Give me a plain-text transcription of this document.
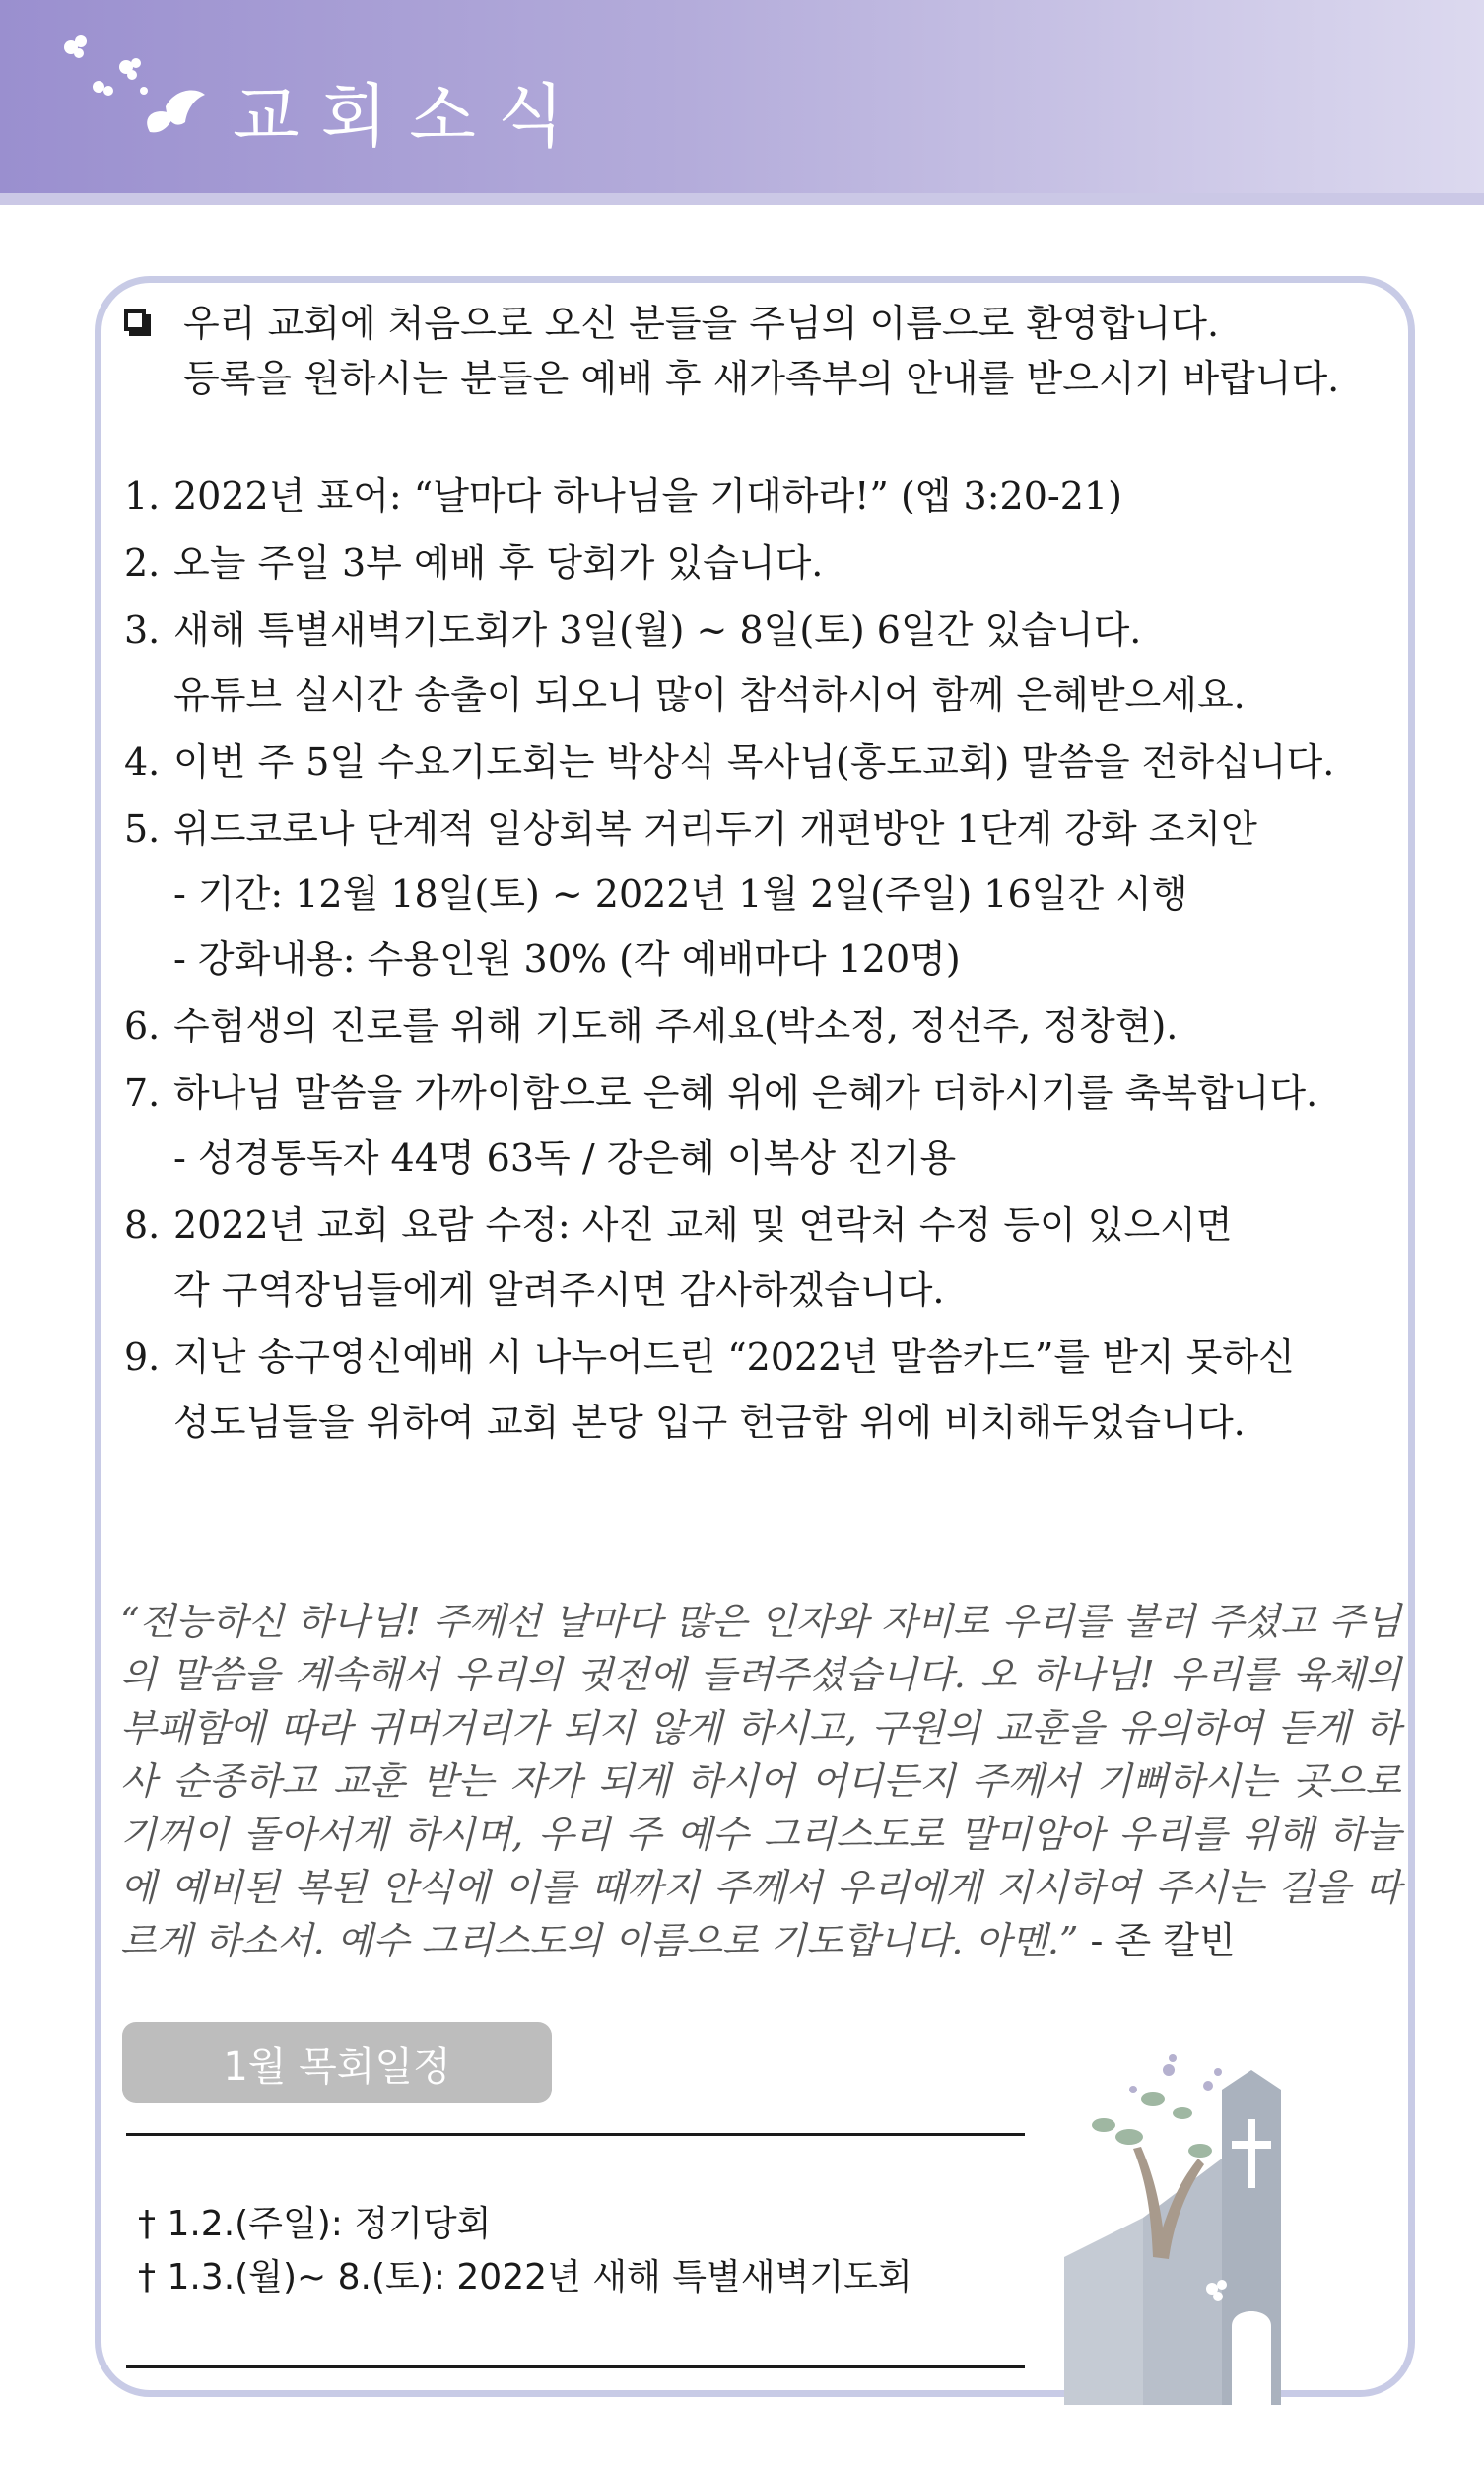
교회소식
우리 교회에 처음으로 오신 분들을 주님의 이름으로 환영합니다.
등록을 원하시는 분들은 예배 후 새가족부의 안내를 받으시기 바랍니다.
1. 2022년 표어: “날마다 하나님을 기대하라!” (엡 3:20-21)
2. 오늘 주일 3부 예배 후 당회가 있습니다.
3. 새해 특별새벽기도회가 3일(월) ~ 8일(토) 6일간 있습니다.
유튜브 실시간 송출이 되오니 많이 참석하시어 함께 은혜받으세요.
4. 이번 주 5일 수요기도회는 박상식 목사님(홍도교회) 말씀을 전하십니다.
5. 위드코로나 단계적 일상회복 거리두기 개편방안 1단계 강화 조치안
- 기간: 12월 18일(토) ~ 2022년 1월 2일(주일) 16일간 시행
- 강화내용: 수용인원 30% (각 예배마다 120명)
6. 수험생의 진로를 위해 기도해 주세요(박소정, 정선주, 정창현).
7. 하나님 말씀을 가까이함으로 은혜 위에 은혜가 더하시기를 축복합니다.
- 성경통독자 44명 63독 / 강은혜 이복상 진기용
8. 2022년 교회 요람 수정: 사진 교체 및 연락처 수정 등이 있으시면
각 구역장님들에게 알려주시면 감사하겠습니다.
9. 지난 송구영신예배 시 나누어드린 “2022년 말씀카드”를 받지 못하신
성도님들을 위하여 교회 본당 입구 헌금함 위에 비치해두었습니다.
“전능하신 하나님! 주께선 날마다 많은 인자와 자비로 우리를 불러 주셨고 주님의 말씀을 계속해서 우리의 귓전에 들려주셨습니다. 오 하나님! 우리를 육체의 부패함에 따라 귀머거리가 되지 않게 하시고, 구원의 교훈을 유의하여 듣게 하사 순종하고 교훈 받는 자가 되게 하시어 어디든지 주께서 기뻐하시는 곳으로 기꺼이 돌아서게 하시며, 우리 주 예수 그리스도로 말미암아 우리를 위해 하늘에 예비된 복된 안식에 이를 때까지 주께서 우리에게 지시하여 주시는 길을 따르게 하소서. 예수 그리스도의 이름으로 기도합니다. 아멘.” - 존 칼빈
1월 목회일정
† 1.2.(주일): 정기당회
† 1.3.(월)~ 8.(토): 2022년 새해 특별새벽기도회
